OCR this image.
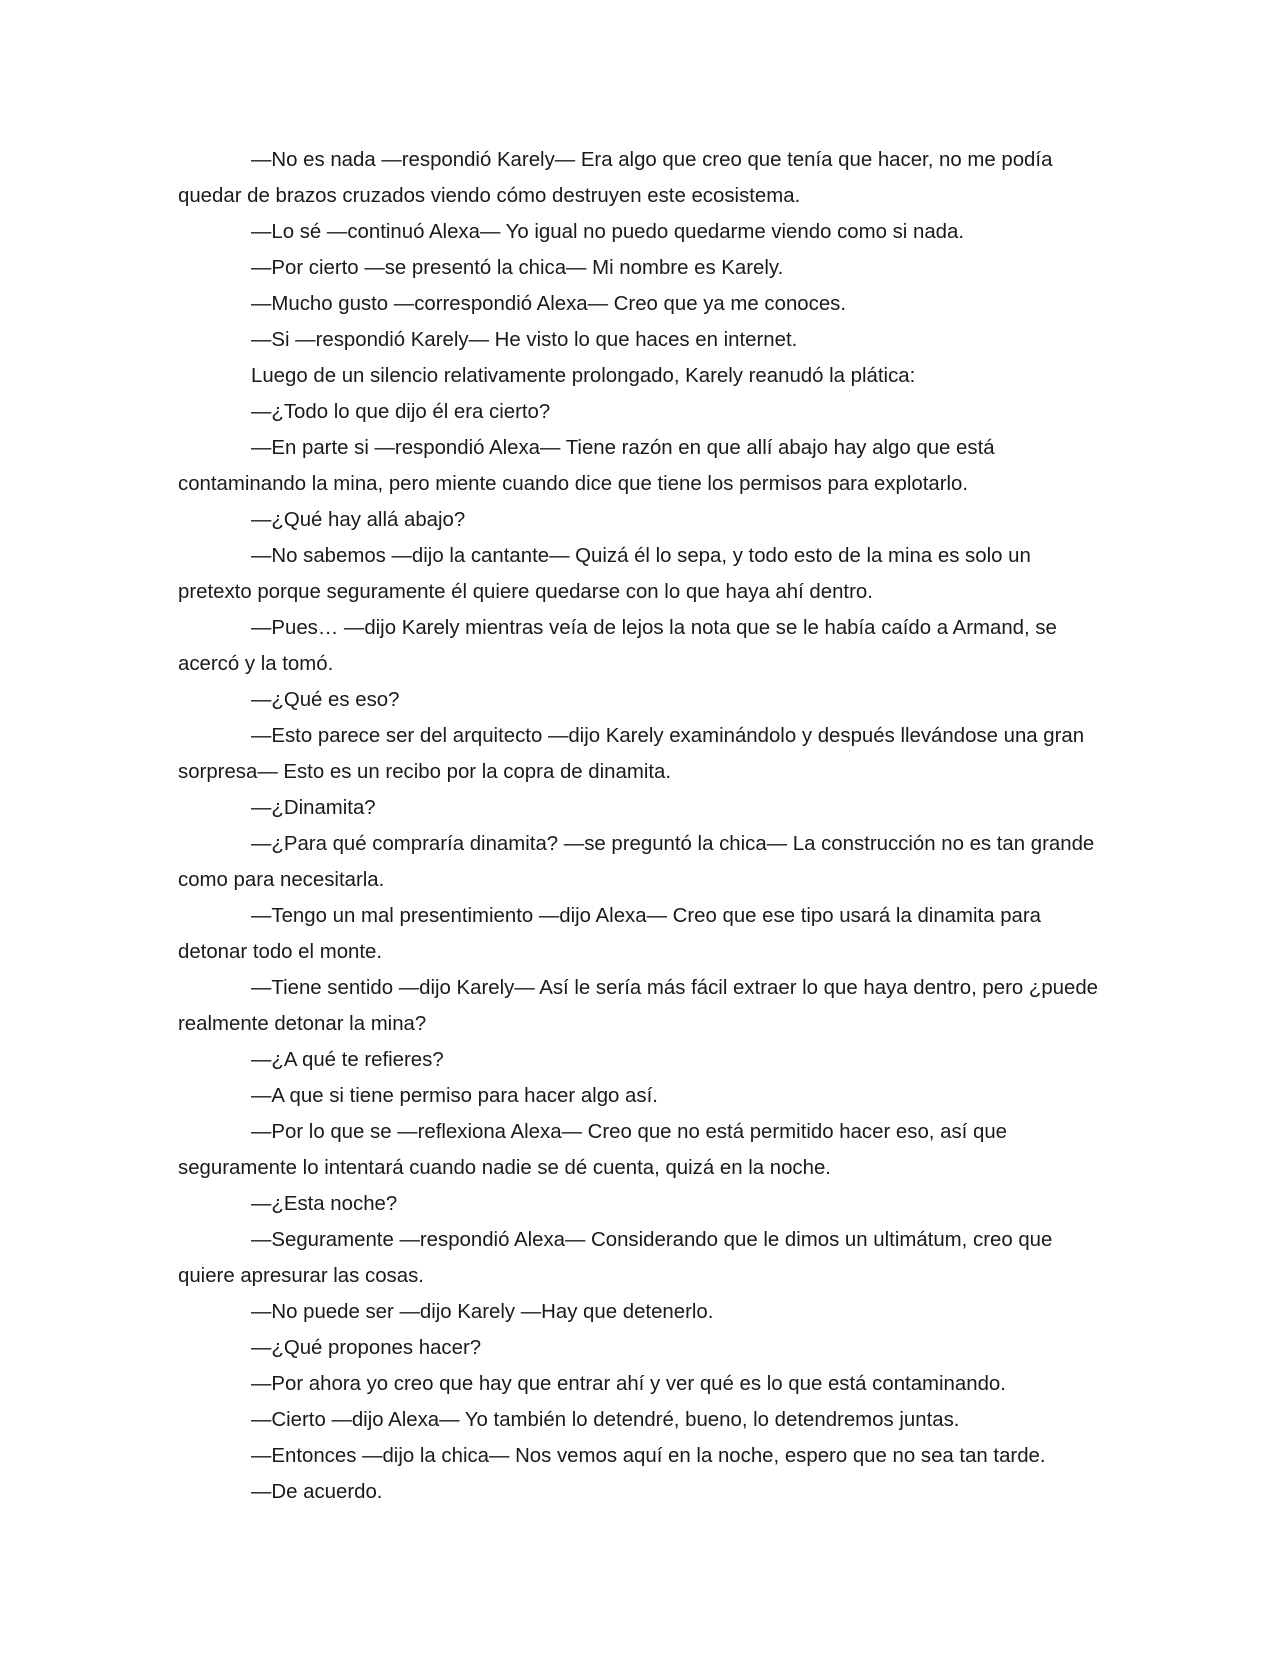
—No es nada —respondió Karely— Era algo que creo que tenía que hacer, no me podía quedar de brazos cruzados viendo cómo destruyen este ecosistema.

—Lo sé —continuó Alexa— Yo igual no puedo quedarme viendo como si nada.

—Por cierto —se presentó la chica— Mi nombre es Karely.

—Mucho gusto —correspondió Alexa— Creo que ya me conoces.

—Si —respondió Karely— He visto lo que haces en internet.

Luego de un silencio relativamente prolongado, Karely reanudó la plática:

—¿Todo lo que dijo él era cierto?

—En parte si —respondió Alexa— Tiene razón en que allí abajo hay algo que está contaminando la mina, pero miente cuando dice que tiene los permisos para explotarlo.

—¿Qué hay allá abajo?

—No sabemos —dijo la cantante— Quizá él lo sepa, y todo esto de la mina es solo un pretexto porque seguramente él quiere quedarse con lo que haya ahí dentro.

—Pues… —dijo Karely mientras veía de lejos la nota que se le había caído a Armand, se acercó y la tomó.

—¿Qué es eso?

—Esto parece ser del arquitecto —dijo Karely examinándolo y después llevándose una gran sorpresa— Esto es un recibo por la copra de dinamita.

—¿Dinamita?

—¿Para qué compraría dinamita? —se preguntó la chica— La construcción no es tan grande como para necesitarla.

—Tengo un mal presentimiento —dijo Alexa— Creo que ese tipo usará la dinamita para detonar todo el monte.

—Tiene sentido —dijo Karely— Así le sería más fácil extraer lo que haya dentro, pero ¿puede realmente detonar la mina?

—¿A qué te refieres?

—A que si tiene permiso para hacer algo así.

—Por lo que se —reflexiona Alexa— Creo que no está permitido hacer eso, así que seguramente lo intentará cuando nadie se dé cuenta, quizá en la noche.

—¿Esta noche?

—Seguramente —respondió Alexa— Considerando que le dimos un ultimátum, creo que quiere apresurar las cosas.

—No puede ser —dijo Karely —Hay que detenerlo.

—¿Qué propones hacer?

—Por ahora yo creo que hay que entrar ahí y ver qué es lo que está contaminando.

—Cierto —dijo Alexa— Yo también lo detendré, bueno, lo detendremos juntas.

—Entonces —dijo la chica— Nos vemos aquí en la noche, espero que no sea tan tarde.

—De acuerdo.
